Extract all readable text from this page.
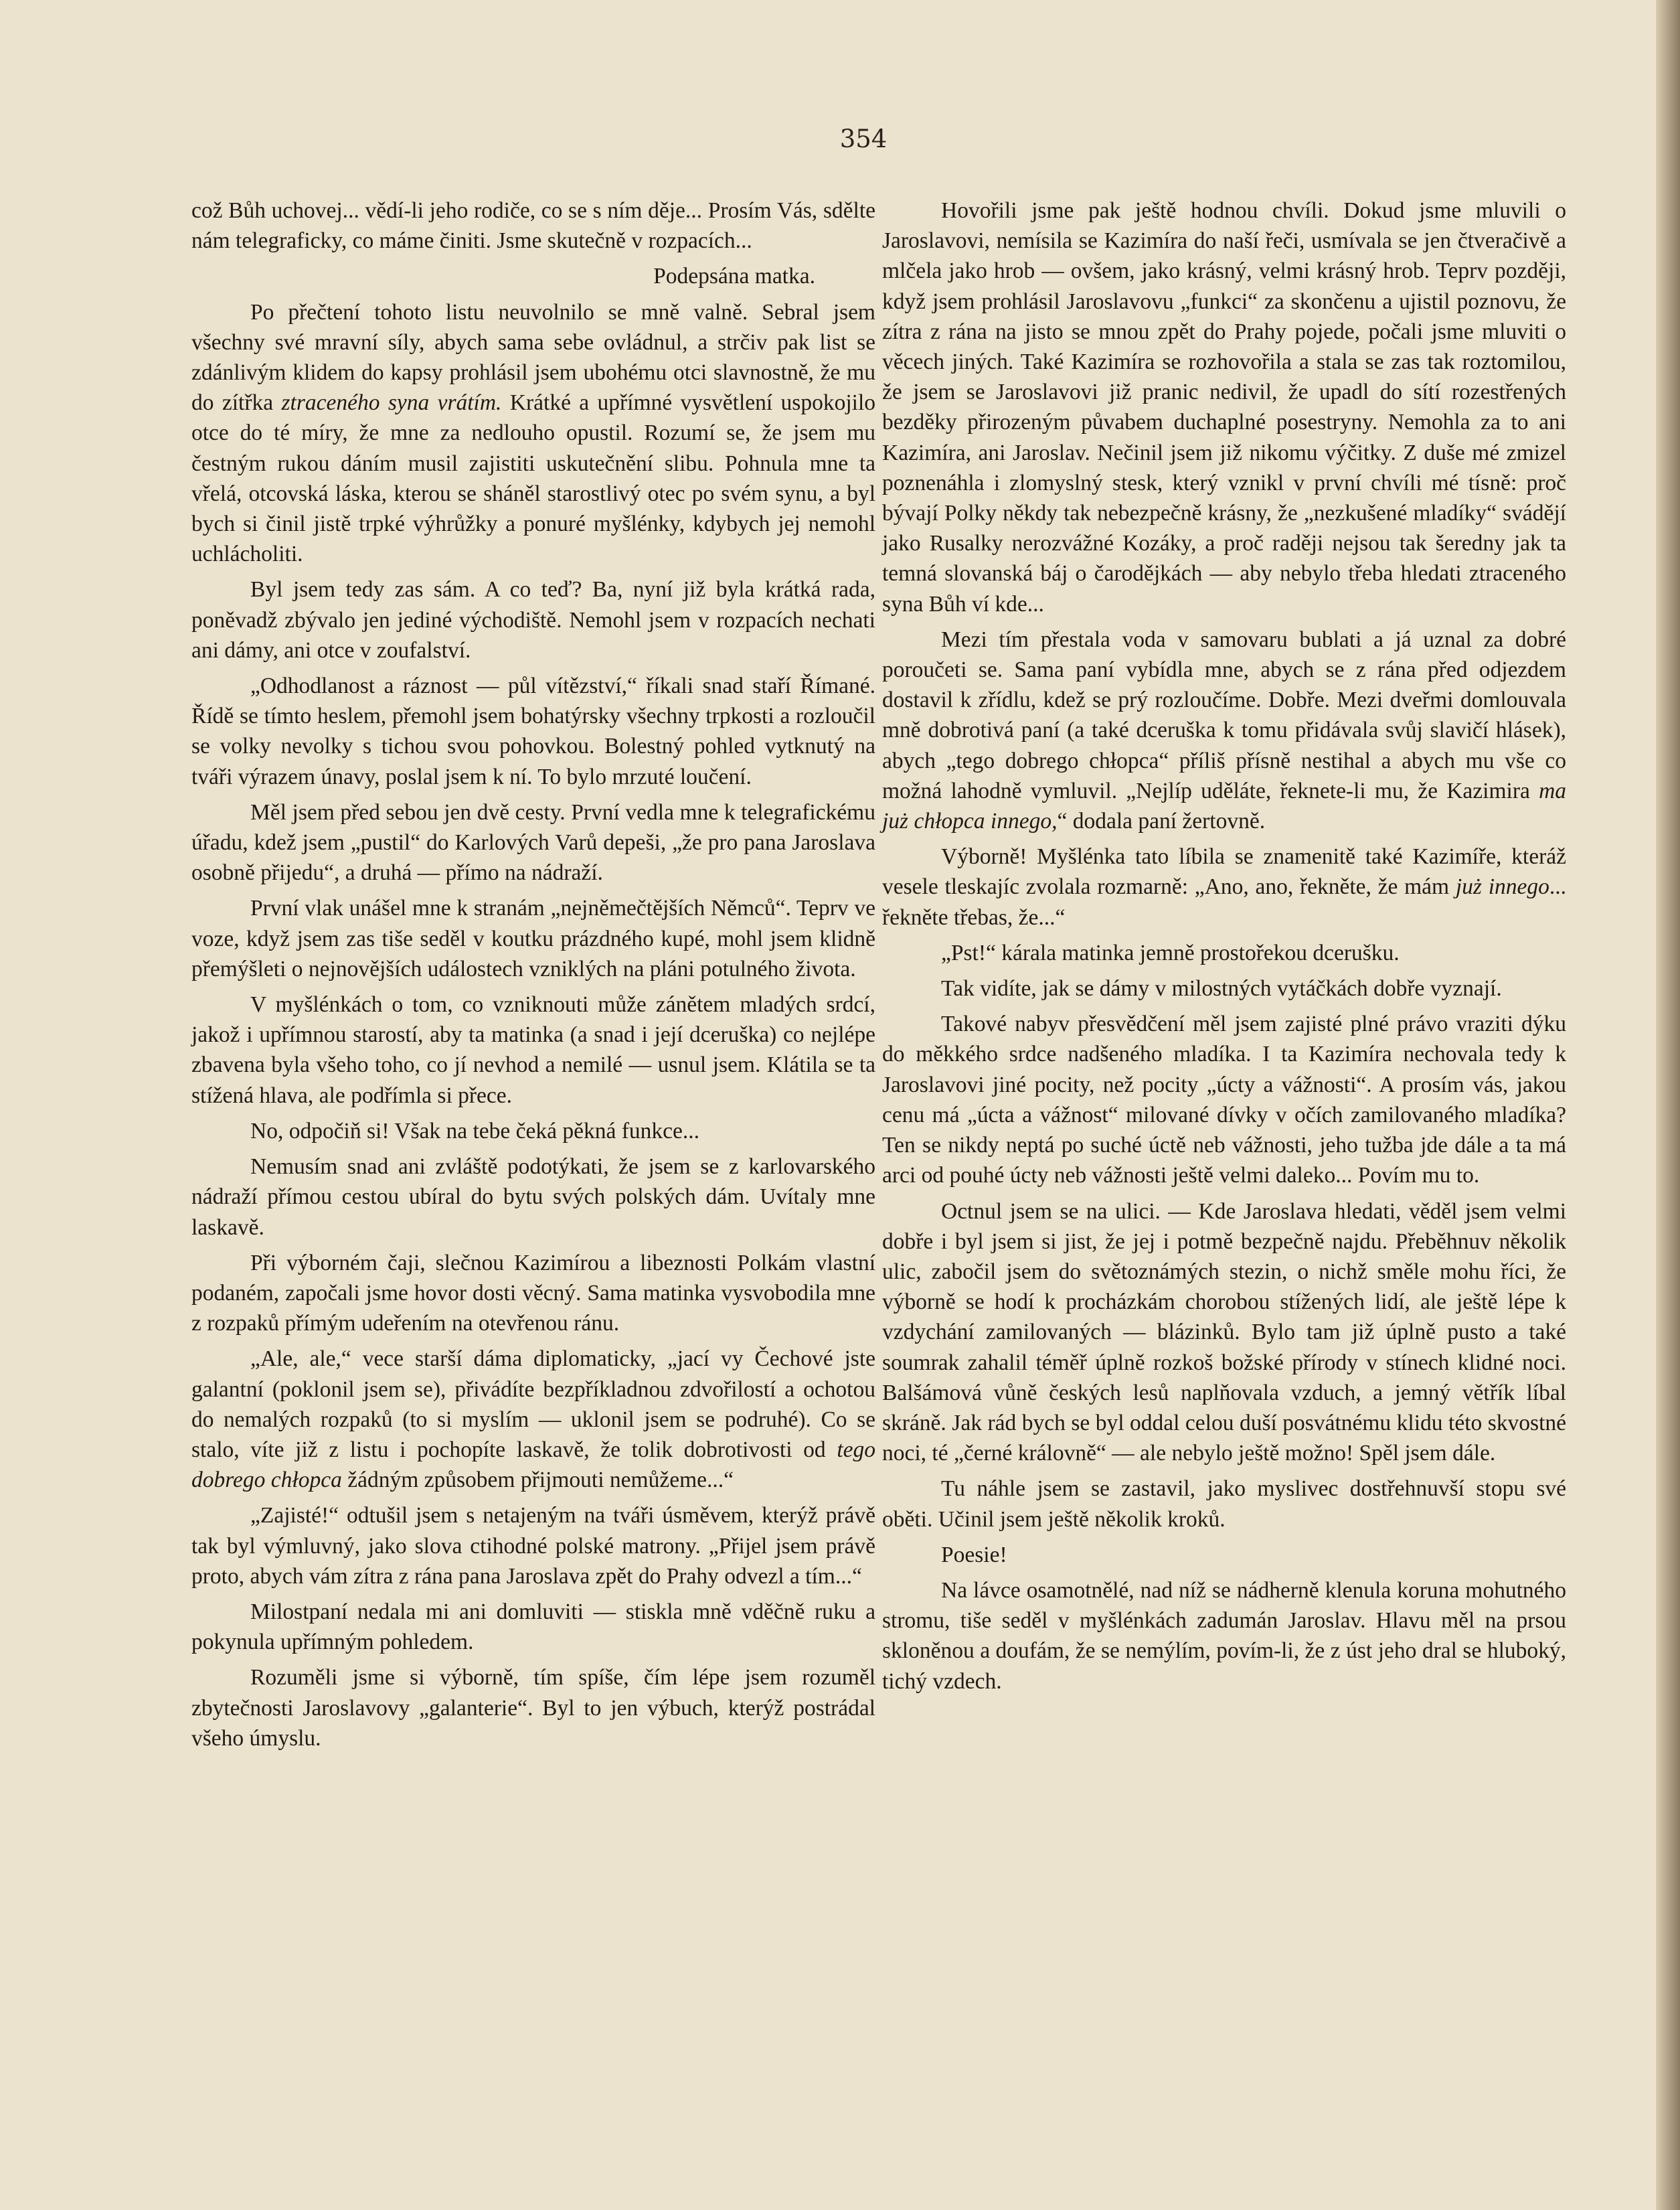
354

což Bůh uchovej... vědí-li jeho rodiče, co se s ním děje... Prosím Vás, sdělte nám telegraficky, co máme činiti. Jsme skutečně v rozpacích...

Podepsána matka.

Po přečtení tohoto listu neuvolnilo se mně valně. Sebral jsem všechny své mravní síly, abych sama sebe ovládnul, a strčiv pak list se zdánlivým klidem do kapsy prohlásil jsem ubohému otci slavnostně, že mu do zítřka ztraceného syna vrátím. Krátké a upřímné vysvětlení uspokojilo otce do té míry, že mne za nedlouho opustil. Rozumí se, že jsem mu čestným rukou dáním musil zajistiti uskutečnění slibu. Pohnula mne ta vřelá, otcovská láska, kterou se sháněl starostlivý otec po svém synu, a byl bych si činil jistě trpké výhrůžky a ponuré myšlénky, kdybych jej nemohl uchlácholiti.

Byl jsem tedy zas sám. A co teď? Ba, nyní již byla krátká rada, poněvadž zbývalo jen jediné východiště. Nemohl jsem v rozpacích nechati ani dámy, ani otce v zoufalství.

„Odhodlanost a ráznost — půl vítězství,“ říkali snad staří Římané. Řídě se tímto heslem, přemohl jsem bohatýrsky všechny trpkosti a rozloučil se volky nevolky s tichou svou pohovkou. Bolestný pohled vytknutý na tváři výrazem únavy, poslal jsem k ní. To bylo mrzuté loučení.

Měl jsem před sebou jen dvě cesty. První vedla mne k telegrafickému úřadu, kdež jsem „pustil“ do Karlových Varů depeši, „že pro pana Jaroslava osobně přijedu“, a druhá — přímo na nádraží.

První vlak unášel mne k stranám „nejněmečtějších Němců“. Teprv ve voze, když jsem zas tiše seděl v koutku prázdného kupé, mohl jsem klidně přemýšleti o nejnovějších událostech vzniklých na pláni potulného života.

V myšlénkách o tom, co vzniknouti může zánětem mladých srdcí, jakož i upřímnou starostí, aby ta matinka (a snad i její dceruška) co nejlépe zbavena byla všeho toho, co jí nevhod a nemilé — usnul jsem. Klátila se ta stížená hlava, ale podřímla si přece.

No, odpočiň si! Však na tebe čeká pěkná funkce...

Nemusím snad ani zvláště podotýkati, že jsem se z karlovarského nádraží přímou cestou ubíral do bytu svých polských dám. Uvítaly mne laskavě.

Při výborném čaji, slečnou Kazimírou a libeznosti Polkám vlastní podaném, započali jsme hovor dosti věcný. Sama matinka vysvobodila mne z rozpaků přímým udeřením na otevřenou ránu.

„Ale, ale,“ vece starší dáma diplomaticky, „jací vy Čechové jste galantní (poklonil jsem se), přivádíte bezpříkladnou zdvořilostí a ochotou do nemalých rozpaků (to si myslím — uklonil jsem se podruhé). Co se stalo, víte již z listu i pochopíte laskavě, že tolik dobrotivosti od tego dobrego chłopca žádným způsobem přijmouti nemůžeme...“

„Zajisté!“ odtušil jsem s netajeným na tváři úsměvem, kterýž právě tak byl výmluvný, jako slova ctihodné polské matrony. „Přijel jsem právě proto, abych vám zítra z rána pana Jaroslava zpět do Prahy odvezl a tím...“

Milostpaní nedala mi ani domluviti — stiskla mně vděčně ruku a pokynula upřímným pohledem.

Rozuměli jsme si výborně, tím spíše, čím lépe jsem rozuměl zbytečnosti Jaroslavovy „galanterie“. Byl to jen výbuch, kterýž postrádal všeho úmyslu.

Hovořili jsme pak ještě hodnou chvíli. Dokud jsme mluvili o Jaroslavovi, nemísila se Kazimíra do naší řeči, usmívala se jen čtveračivě a mlčela jako hrob — ovšem, jako krásný, velmi krásný hrob. Teprv později, když jsem prohlásil Jaroslavovu „funkci“ za skončenu a ujistil poznovu, že zítra z rána na jisto se mnou zpět do Prahy pojede, počali jsme mluviti o věcech jiných. Také Kazimíra se rozhovořila a stala se zas tak roztomilou, že jsem se Jaroslavovi již pranic nedivil, že upadl do sítí rozestřených bezděky přirozeným půvabem duchaplné posestryny. Nemohla za to ani Kazimíra, ani Jaroslav. Nečinil jsem již nikomu výčitky. Z duše mé zmizel poznenáhla i zlomyslný stesk, který vznikl v první chvíli mé tísně: proč bývají Polky někdy tak nebezpečně krásny, že „nezkušené mladíky“ svádějí jako Rusalky nerozvážné Kozáky, a proč raději nejsou tak šeredny jak ta temná slovanská báj o čarodějkách — aby nebylo třeba hledati ztraceného syna Bůh ví kde...

Mezi tím přestala voda v samovaru bublati a já uznal za dobré poroučeti se. Sama paní vybídla mne, abych se z rána před odjezdem dostavil k zřídlu, kdež se prý rozloučíme. Dobře. Mezi dveřmi domlouvala mně dobrotivá paní (a také dceruška k tomu přidávala svůj slavičí hlásek), abych „tego dobrego chłopca“ příliš přísně nestihal a abych mu vše co možná lahodně vymluvil. „Nejlíp uděláte, řeknete-li mu, že Kazimira ma już chłopca innego,“ dodala paní žertovně.

Výborně! Myšlénka tato líbila se znamenitě také Kazimíře, kteráž vesele tleskajíc zvolala rozmarně: „Ano, ano, řekněte, že mám już innego... řekněte třebas, že...“

„Pst!“ kárala matinka jemně prostořekou dcerušku.

Tak vidíte, jak se dámy v milostných vytáčkách dobře vyznají.

Takové nabyv přesvědčení měl jsem zajisté plné právo vraziti dýku do měkkého srdce nadšeného mladíka. I ta Kazimíra nechovala tedy k Jaroslavovi jiné pocity, než pocity „úcty a vážnosti“. A prosím vás, jakou cenu má „úcta a vážnost“ milované dívky v očích zamilovaného mladíka? Ten se nikdy neptá po suché úctě neb vážnosti, jeho tužba jde dále a ta má arci od pouhé úcty neb vážnosti ještě velmi daleko... Povím mu to.

Octnul jsem se na ulici. — Kde Jaroslava hledati, věděl jsem velmi dobře i byl jsem si jist, že jej i potmě bezpečně najdu. Přeběhnuv několik ulic, zabočil jsem do světoznámých stezin, o nichž směle mohu říci, že výborně se hodí k procházkám chorobou stížených lidí, ale ještě lépe k vzdychání zamilovaných — blázinků. Bylo tam již úplně pusto a také soumrak zahalil téměř úplně rozkoš božské přírody v stínech klidné noci. Balšámová vůně českých lesů naplňovala vzduch, a jemný větřík líbal skráně. Jak rád bych se byl oddal celou duší posvátnému klidu této skvostné noci, té „černé královně“ — ale nebylo ještě možno! Spěl jsem dále.

Tu náhle jsem se zastavil, jako myslivec dostřehnuvší stopu své oběti. Učinil jsem ještě několik kroků.

Poesie!

Na lávce osamotnělé, nad níž se nádherně klenula koruna mohutného stromu, tiše seděl v myšlénkách zadumán Jaroslav. Hlavu měl na prsou skloněnou a doufám, že se nemýlím, povím-li, že z úst jeho dral se hluboký, tichý vzdech.
